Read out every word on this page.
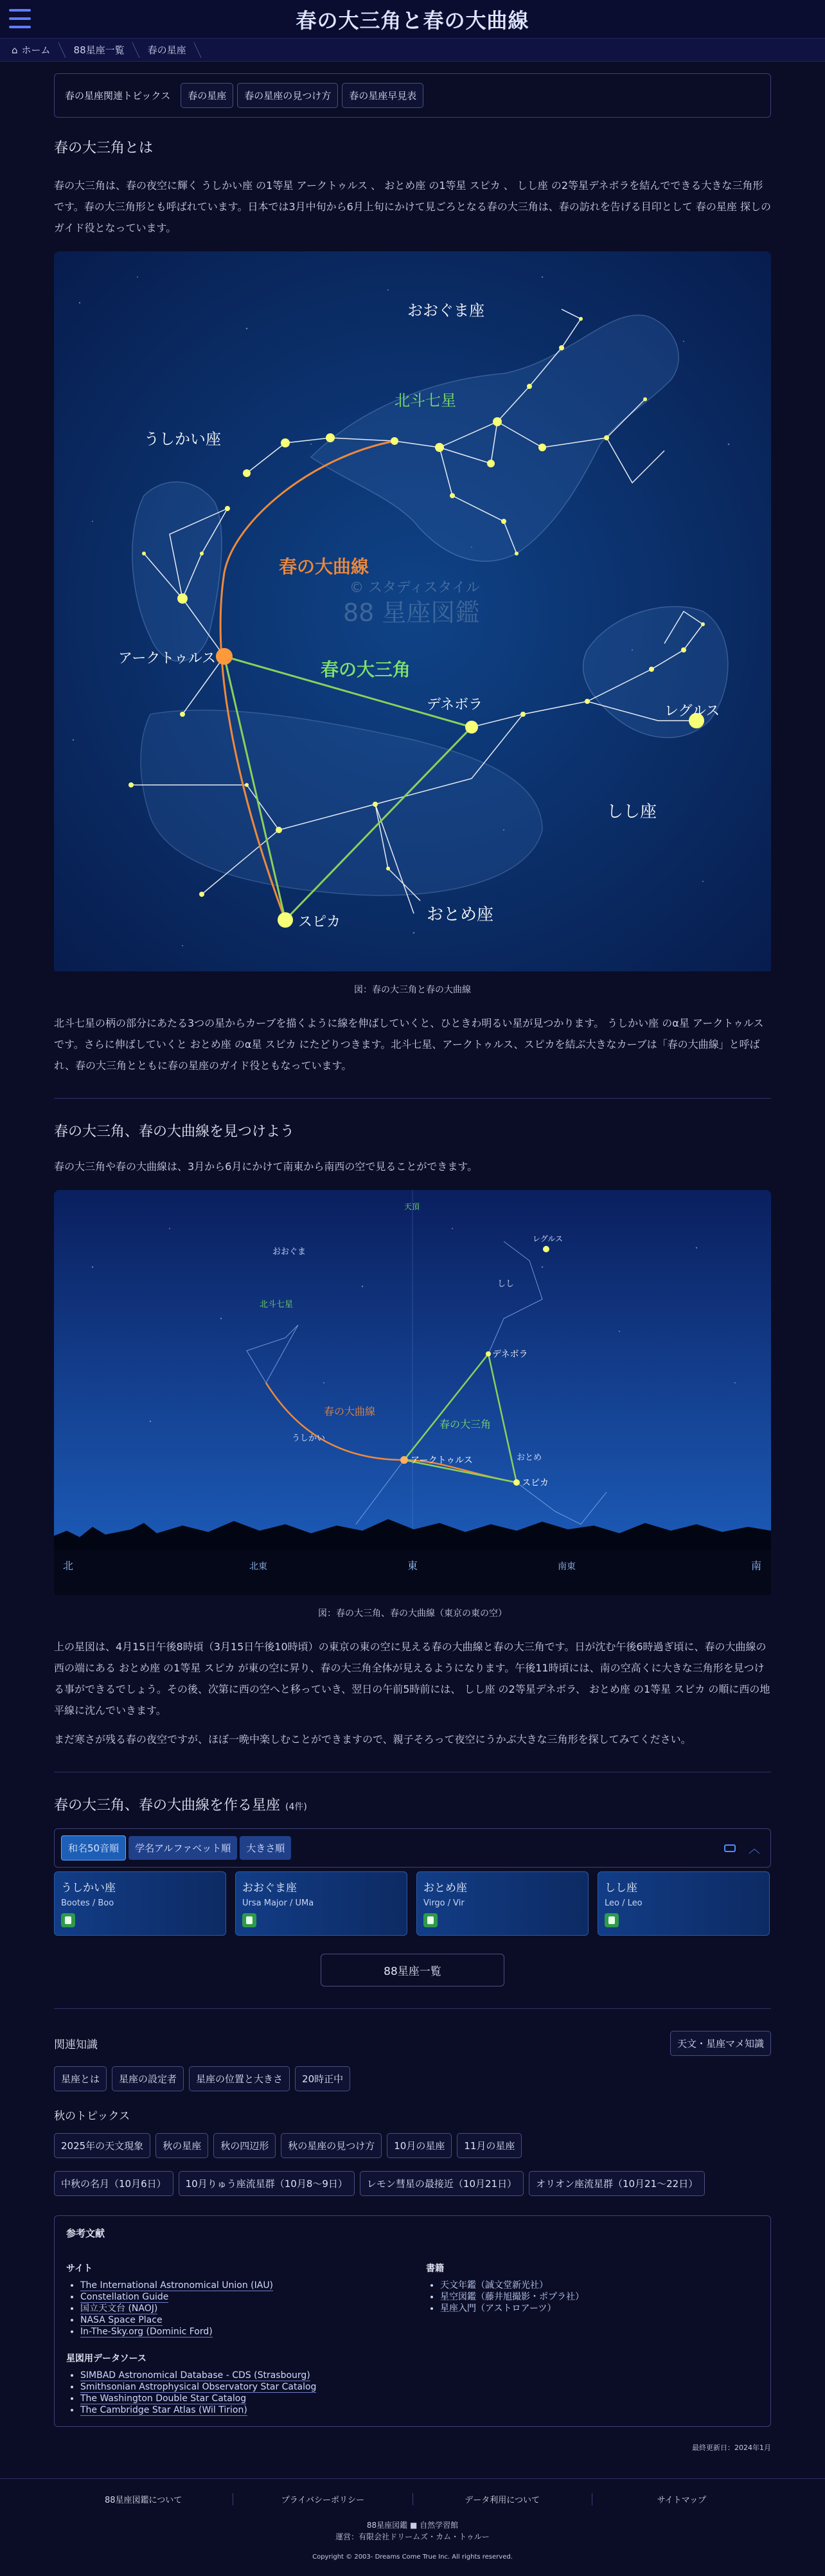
春の大三角と春の大曲線
⌂ ホーム	88星座一覧	春の星座
春の星座関連トピックス	春の星座	春の星座の見つけ方	春の星座早見表
春の大三角とは

春の大三角は、春の夜空に輝く うしかい座 の1等星 アークトゥルス 、 おとめ座 の1等星 スピカ 、 しし座 の2等星デネボラを結んでできる大きな三角形です。春の大三角形とも呼ばれています。日本では3月中旬から6月上旬にかけて見ごろとなる春の大三角は、春の訪れを告げる目印として 春の星座 探しのガイド役となっています。

おおぐま座
うしかい座
北斗七星
春の大曲線
春の大三角
アークトゥルス
デネボラ	レグルス
しし座
スピカ	おとめ座
© スタディスタイル
88 星座図鑑
図：春の大三角と春の大曲線

北斗七星の柄の部分にあたる3つの星からカーブを描くように線を伸ばしていくと、ひときわ明るい星が見つかります。 うしかい座 のα星 アークトゥルス です。さらに伸ばしていくと おとめ座 のα星 スピカ にたどりつきます。北斗七星、アークトゥルス、スピカを結ぶ大きなカーブは「春の大曲線」と呼ばれ、春の大三角とともに春の星座のガイド役ともなっています。

春の大三角、春の大曲線を見つけよう

春の大三角や春の大曲線は、3月から6月にかけて南東から南西の空で見ることができます。

春の大曲線
春の大三角
アークトゥルス
デネボラ
スピカ
北斗七星
おおぐま
うしかい
しし
おとめ
レグルス
天頂
北	北東	東	南東	南
図：春の大三角、春の大曲線（東京の東の空）

上の星図は、4月15日午後8時頃（3月15日午後10時頃）の東京の東の空に見える春の大曲線と春の大三角です。日が沈む午後6時過ぎ頃に、春の大曲線の西の端にある おとめ座 の1等星 スピカ が東の空に昇り、春の大三角全体が見えるようになります。午後11時頃には、南の空高くに大きな三角形を見つける事ができるでしょう。その後、次第に西の空へと移っていき、翌日の午前5時前には、 しし座 の2等星デネボラ、 おとめ座 の1等星 スピカ の順に西の地平線に沈んでいきます。

まだ寒さが残る春の夜空ですが、ほぼ一晩中楽しむことができますので、親子そろって夜空にうかぶ大きな三角形を探してみてください。

春の大三角、春の大曲線を作る星座 (4件)
和名50音順	学名アルファベット順	大きさ順	︿
うしかい座
Bootes / Boo
おおぐま座
Ursa Major / UMa
おとめ座
Virgo / Vir
しし座
Leo / Leo
88星座一覧
関連知識	天文・星座マメ知識
星座とは	星座の設定者	星座の位置と大きさ	20時正中
秋のトピックス
2025年の天文現象	秋の星座	秋の四辺形	秋の星座の見つけ方	10月の星座	11月の星座
中秋の名月（10月6日）	10月りゅう座流星群（10月8〜9日）	レモン彗星の最接近（10月21日）	オリオン座流星群（10月21〜22日）
参考文献
サイト
• The International Astronomical Union (IAU)
• Constellation Guide
• 国立天文台 (NAOJ)
• NASA Space Place
• In-The-Sky.org (Dominic Ford)
星図用データソース
• SIMBAD Astronomical Database - CDS (Strasbourg)
• Smithsonian Astrophysical Observatory Star Catalog
• The Washington Double Star Catalog
• The Cambridge Star Atlas (Wil Tirion)
書籍
• 天文年鑑（誠文堂新光社）
• 星空図鑑（藤井旭撮影・ポプラ社）
• 星座入門（アストロアーツ）
最終更新日：2024年1月
88星座図鑑について	プライバシーポリシー	データ利用について	サイトマップ
88星座図鑑 ■ 自然学習館
運営：有限会社ドリームズ・カム・トゥルー
Copyright © 2003- Dreams Come True Inc. All rights reserved.
